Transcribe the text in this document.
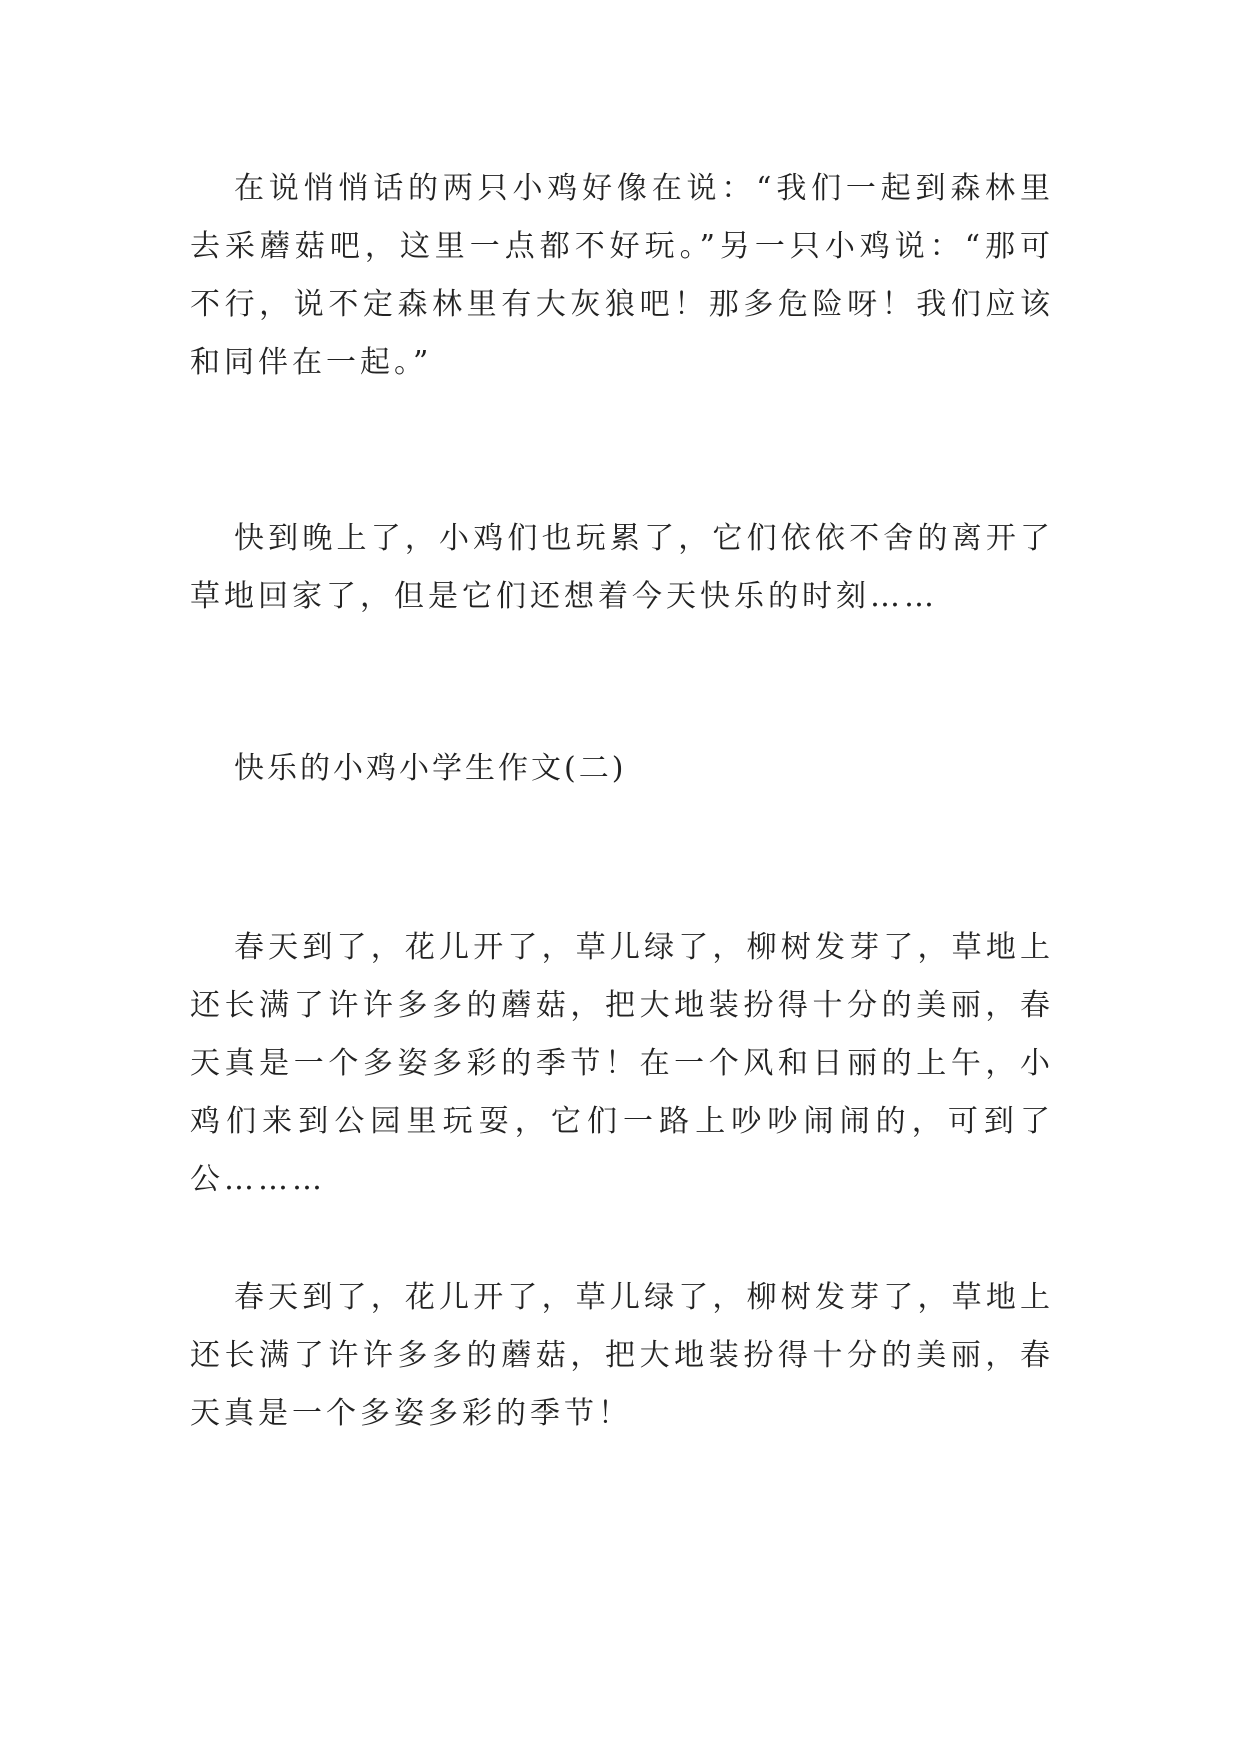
在说悄悄话的两只小鸡好像在说：“我们一起到森林里去采蘑菇吧，这里一点都不好玩。”另一只小鸡说：“那可不行，说不定森林里有大灰狼吧！那多危险呀！我们应该和同伴在一起。”

快到晚上了，小鸡们也玩累了，它们依依不舍的离开了草地回家了，但是它们还想着今天快乐的时刻……

快乐的小鸡小学生作文(二)

春天到了，花儿开了，草儿绿了，柳树发芽了，草地上还长满了许许多多的蘑菇，把大地装扮得十分的美丽，春天真是一个多姿多彩的季节！在一个风和日丽的上午，小鸡们来到公园里玩耍，它们一路上吵吵闹闹的，可到了公………

春天到了，花儿开了，草儿绿了，柳树发芽了，草地上还长满了许许多多的蘑菇，把大地装扮得十分的美丽，春天真是一个多姿多彩的季节！
